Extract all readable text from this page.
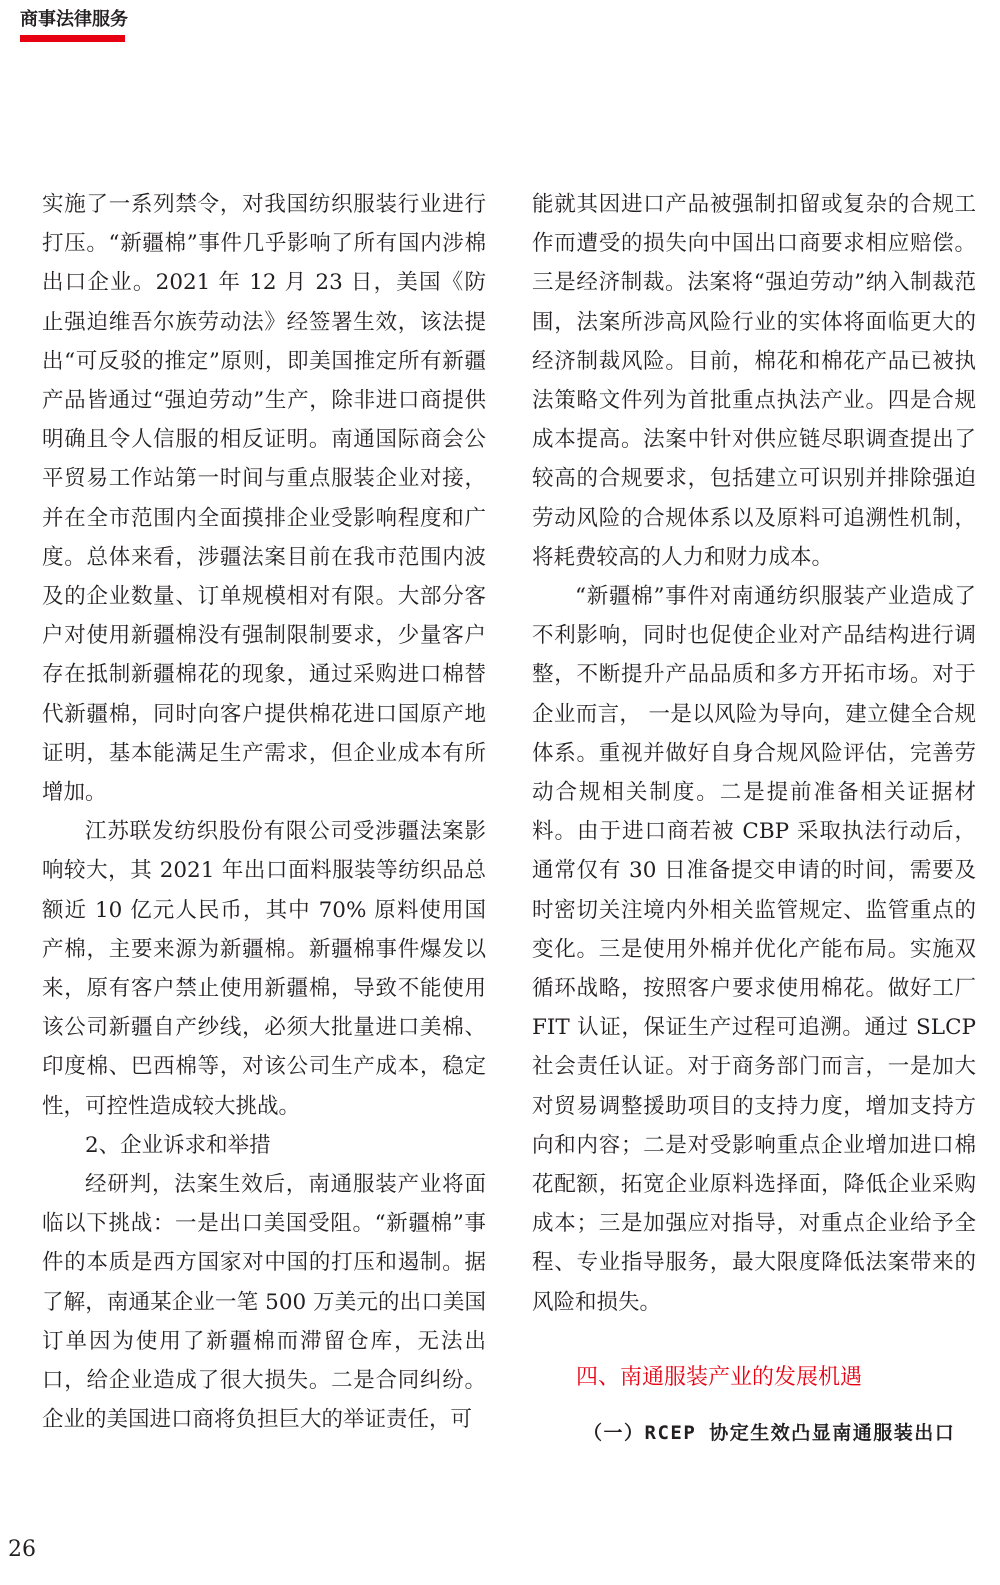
商事法律服务

实施了一系列禁令，对我国纺织服装行业进行打压。“新疆棉”事件几乎影响了所有国内涉棉出口企业。2021 年 12 月 23 日，美国《防止强迫维吾尔族劳动法》经签署生效，该法提出“可反驳的推定”原则，即美国推定所有新疆产品皆通过“强迫劳动”生产，除非进口商提供明确且令人信服的相反证明。南通国际商会公平贸易工作站第一时间与重点服装企业对接，并在全市范围内全面摸排企业受影响程度和广度。总体来看，涉疆法案目前在我市范围内波及的企业数量、订单规模相对有限。大部分客户对使用新疆棉没有强制限制要求，少量客户存在抵制新疆棉花的现象，通过采购进口棉替代新疆棉，同时向客户提供棉花进口国原产地证明，基本能满足生产需求，但企业成本有所增加。

江苏联发纺织股份有限公司受涉疆法案影响较大，其 2021 年出口面料服装等纺织品总额近 10 亿元人民币，其中 70% 原料使用国产棉，主要来源为新疆棉。新疆棉事件爆发以来，原有客户禁止使用新疆棉，导致不能使用该公司新疆自产纱线，必须大批量进口美棉、印度棉、巴西棉等，对该公司生产成本，稳定性，可控性造成较大挑战。

2、企业诉求和举措

经研判，法案生效后，南通服装产业将面临以下挑战：一是出口美国受阻。“新疆棉”事件的本质是西方国家对中国的打压和遏制。据了解，南通某企业一笔 500 万美元的出口美国订单因为使用了新疆棉而滞留仓库，无法出口，给企业造成了很大损失。二是合同纠纷。企业的美国进口商将负担巨大的举证责任，可

能就其因进口产品被强制扣留或复杂的合规工作而遭受的损失向中国出口商要求相应赔偿。三是经济制裁。法案将“强迫劳动”纳入制裁范围，法案所涉高风险行业的实体将面临更大的经济制裁风险。目前，棉花和棉花产品已被执法策略文件列为首批重点执法产业。四是合规成本提高。法案中针对供应链尽职调查提出了较高的合规要求，包括建立可识别并排除强迫劳动风险的合规体系以及原料可追溯性机制，将耗费较高的人力和财力成本。

“新疆棉”事件对南通纺织服装产业造成了不利影响，同时也促使企业对产品结构进行调整，不断提升产品品质和多方开拓市场。对于企业而言， 一是以风险为导向，建立健全合规体系。重视并做好自身合规风险评估，完善劳动合规相关制度。二是提前准备相关证据材料。由于进口商若被 CBP 采取执法行动后，通常仅有 30 日准备提交申请的时间，需要及时密切关注境内外相关监管规定、监管重点的变化。三是使用外棉并优化产能布局。实施双循环战略，按照客户要求使用棉花。做好工厂 FIT 认证，保证生产过程可追溯。通过 SLCP 社会责任认证。对于商务部门而言，一是加大对贸易调整援助项目的支持力度，增加支持方向和内容；二是对受影响重点企业增加进口棉花配额，拓宽企业原料选择面，降低企业采购成本；三是加强应对指导，对重点企业给予全程、专业指导服务，最大限度降低法案带来的风险和损失。

四、南通服装产业的发展机遇
（一）RCEP 协定生效凸显南通服装出口
26
